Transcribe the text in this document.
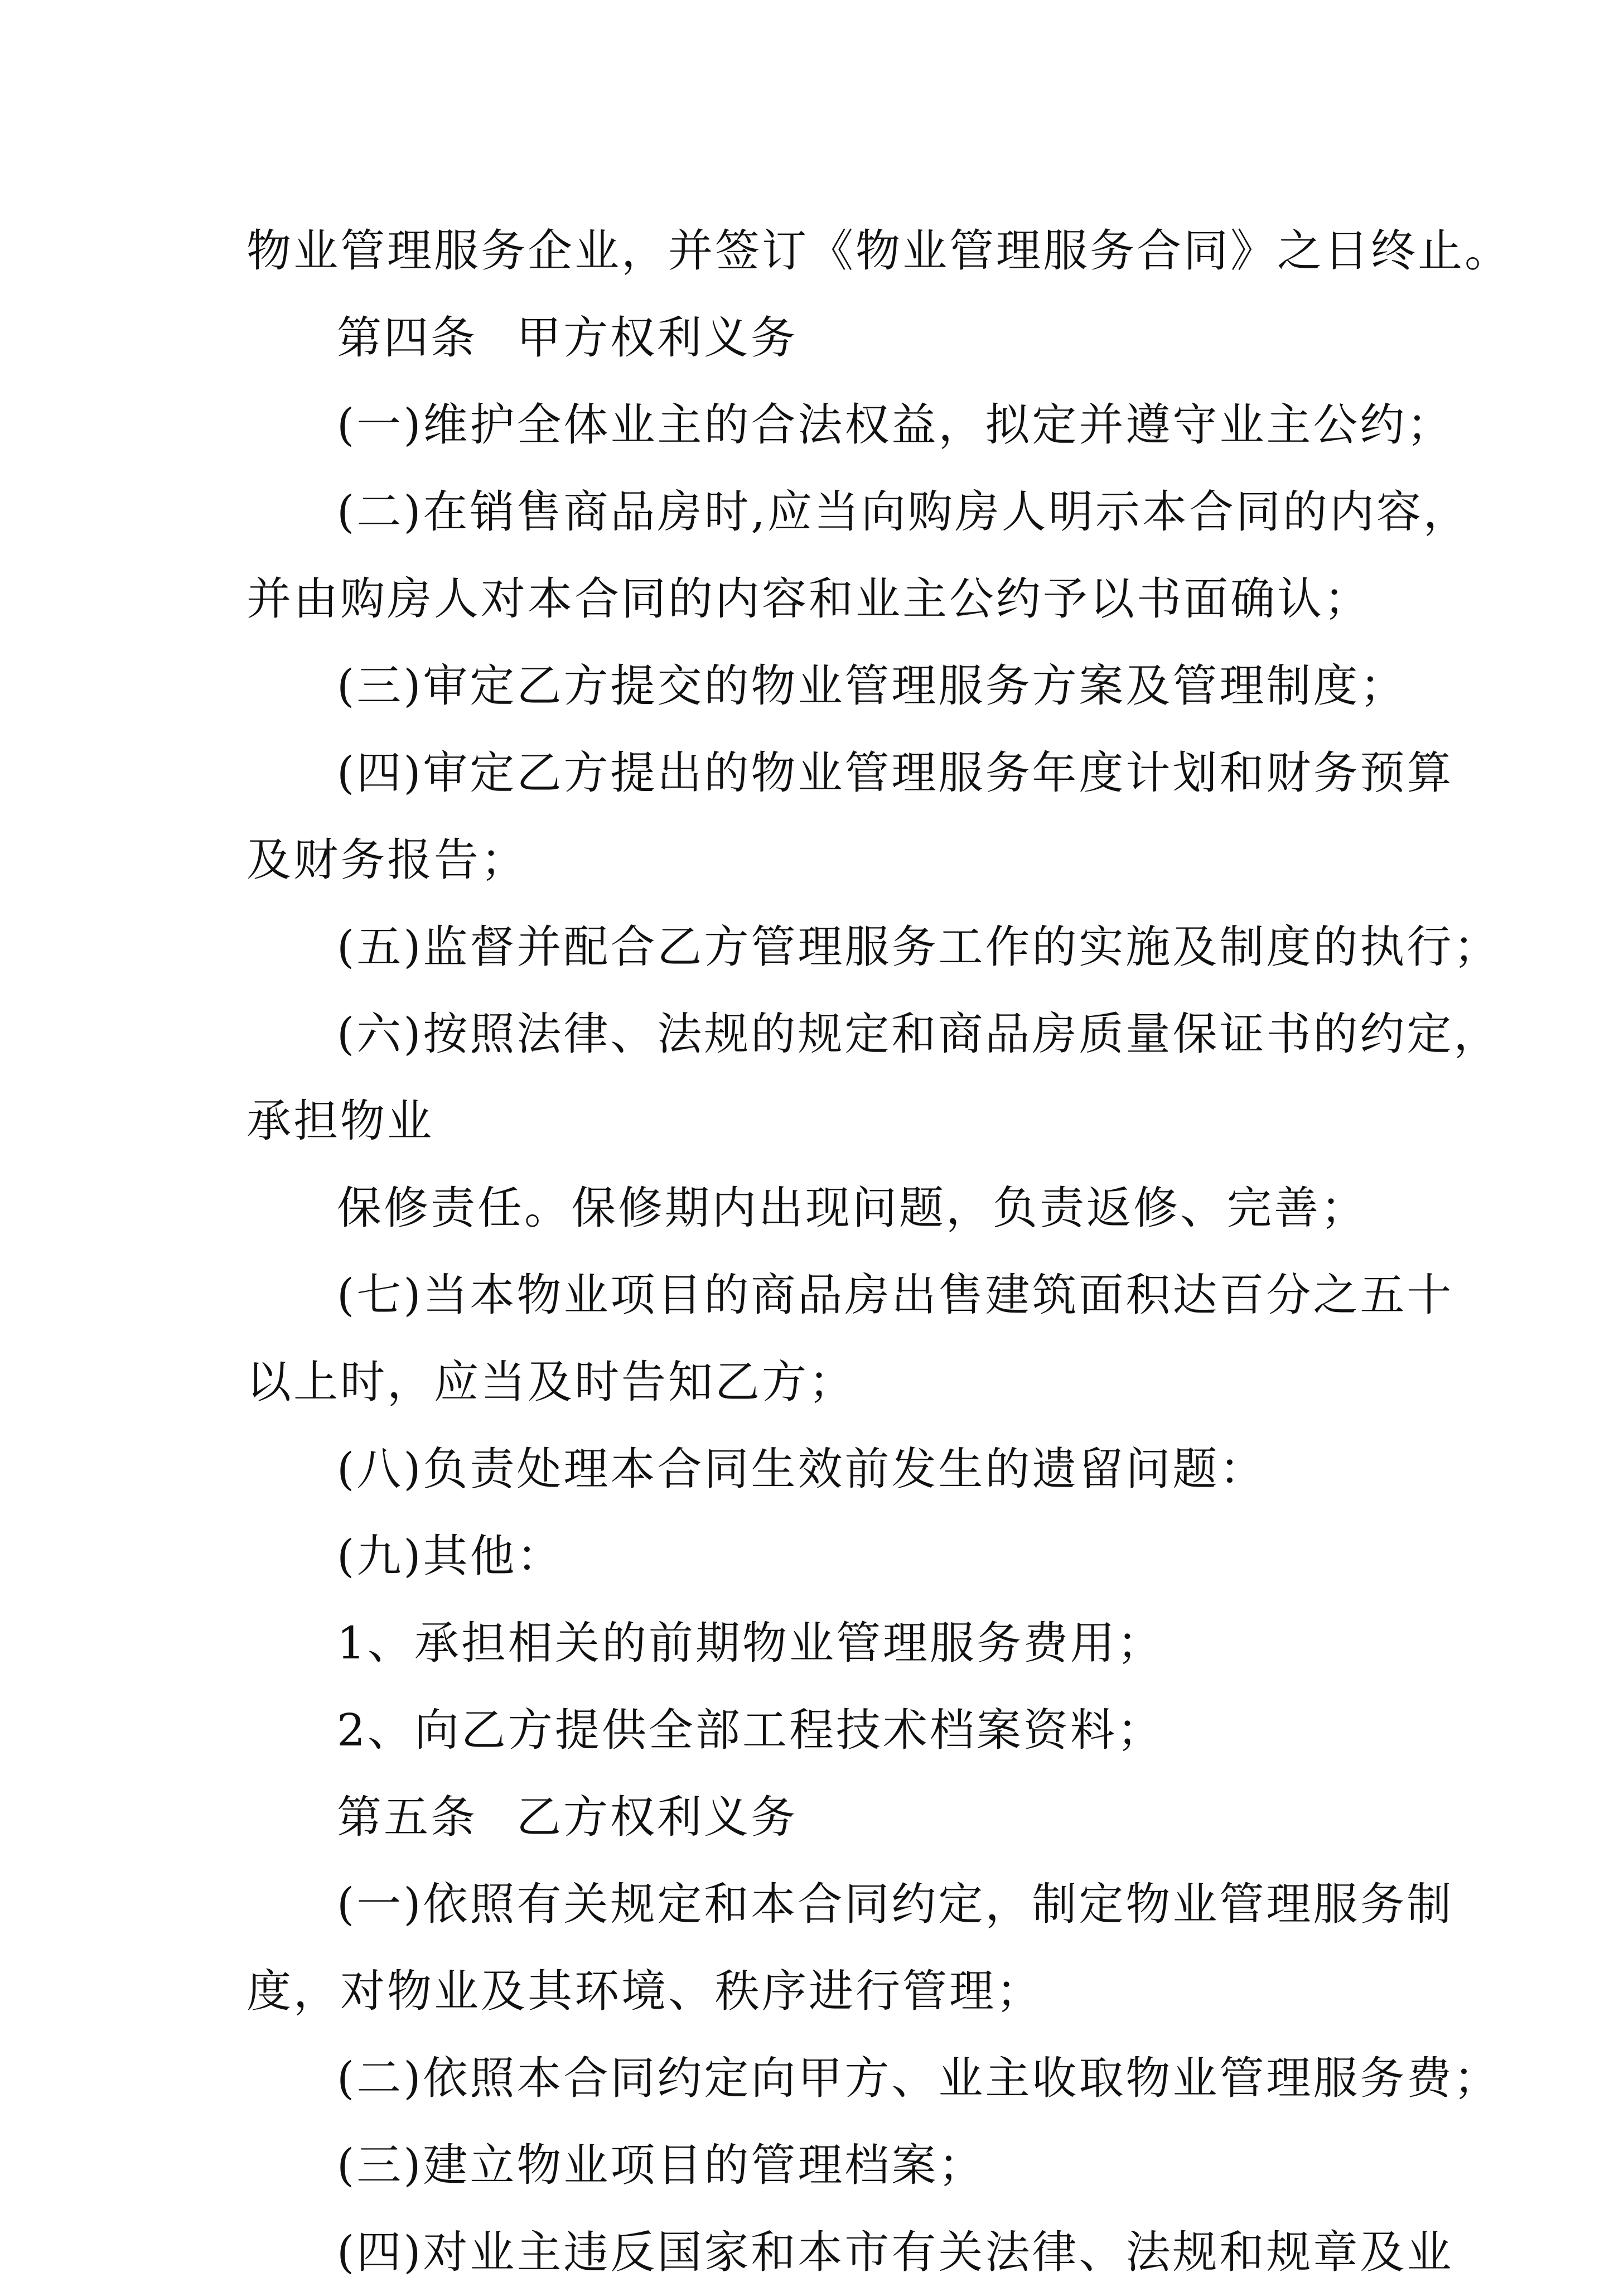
物业管理服务企业，并签订《物业管理服务合同》之日终止。
第四条 甲方权利义务
(一)维护全体业主的合法权益，拟定并遵守业主公约；
(二)在销售商品房时,应当向购房人明示本合同的内容，
并由购房人对本合同的内容和业主公约予以书面确认；
(三)审定乙方提交的物业管理服务方案及管理制度；
(四)审定乙方提出的物业管理服务年度计划和财务预算
及财务报告；
(五)监督并配合乙方管理服务工作的实施及制度的执行；
(六)按照法律、法规的规定和商品房质量保证书的约定，
承担物业
保修责任。保修期内出现问题，负责返修、完善；
(七)当本物业项目的商品房出售建筑面积达百分之五十
以上时，应当及时告知乙方；
(八)负责处理本合同生效前发生的遗留问题：
(九)其他：
1、承担相关的前期物业管理服务费用；
2、向乙方提供全部工程技术档案资料；
第五条 乙方权利义务
(一)依照有关规定和本合同约定，制定物业管理服务制
度，对物业及其环境、秩序进行管理；
(二)依照本合同约定向甲方、业主收取物业管理服务费；
(三)建立物业项目的管理档案；
(四)对业主违反国家和本市有关法律、法规和规章及业
